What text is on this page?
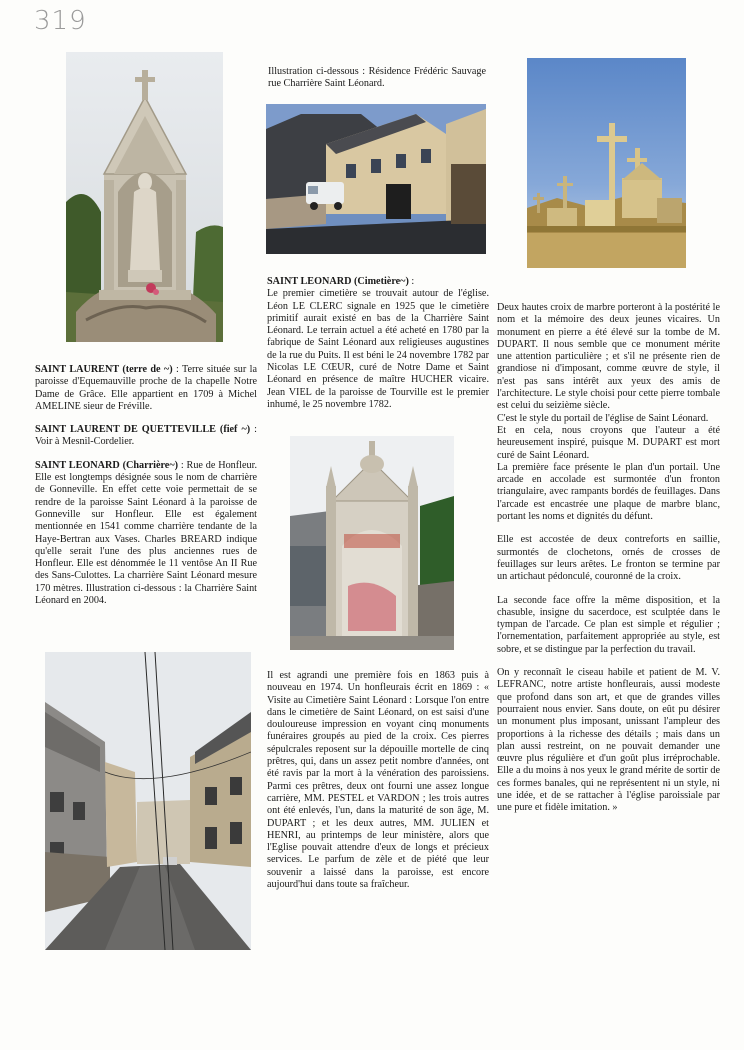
319

SAINT LAURENT (terre de ~) : Terre située sur la paroisse d'Equemauville proche de la chapelle Notre Dame de Grâce. Elle appartient en 1709 à Michel AMELINE sieur de Fréville.

SAINT LAURENT DE QUETTEVILLE (fief ~) : Voir à Mesnil-Cordelier.

SAINT LEONARD (Charrière~) : Rue de Honfleur. Elle est longtemps désignée sous le nom de charrière de Gonneville. En effet cette voie permettait de se rendre de la paroisse Saint Léonard à la paroisse de Gonneville sur Honfleur. Elle est également mentionnée en 1541 comme charrière tendante de la Haye-Bertran aux Vases. Charles BREARD indique qu'elle serait l'une des plus anciennes rues de Honfleur. Elle est dénommée le 11 ventôse An II Rue des Sans-Culottes. La charrière Saint Léonard mesure 170 mètres. Illustration ci-dessous : la Charrière Saint Léonard en 2004.

Illustration ci-dessous : Résidence Frédéric Sauvage rue Charrière Saint Léonard.

SAINT LEONARD (Cimetière~) :

Le premier cimetière se trouvait autour de l'église. Léon LE CLERC signale en 1925 que le cimetière primitif aurait existé en bas de la Charrière Saint Léonard. Le terrain actuel a été acheté en 1780 par la fabrique de Saint Léonard aux religieuses augustines de la rue du Puits. Il est béni le 24 novembre 1782 par Nicolas LE CŒUR, curé de Notre Dame et Saint Léonard en présence de maître HUCHER vicaire. Jean VIEL de la paroisse de Tourville est le premier inhumé, le 25 novembre 1782.

Il est agrandi une première fois en 1863 puis à nouveau en 1974. Un honfleurais écrit en 1869 : « Visite au Cimetière Saint Léonard : Lorsque l'on entre dans le cimetière de Saint Léonard, on est saisi d'une douloureuse impression en voyant cinq monuments funéraires groupés au pied de la croix. Ces pierres sépulcrales reposent sur la dépouille mortelle de cinq prêtres, qui, dans un assez petit nombre d'années, ont été ravis par la mort à la vénération des paroissiens. Parmi ces prêtres, deux ont fourni une assez longue carrière, MM. PESTEL et VARDON ; les trois autres ont été enlevés, l'un, dans la maturité de son âge, M. DUPART ; et les deux autres, MM. JULIEN et HENRI, au printemps de leur ministère, alors que l'Eglise pouvait attendre d'eux de longs et précieux services. Le parfum de zèle et de piété que leur souvenir a laissé dans la paroisse, est encore aujourd'hui dans toute sa fraîcheur.

Deux hautes croix de marbre porteront à la postérité le nom et la mémoire des deux jeunes vicaires. Un monument en pierre a été élevé sur la tombe de M. DUPART. Il nous semble que ce monument mérite une attention particulière ; et s'il ne présente rien de grandiose ni d'imposant, comme œuvre de style, il n'est pas sans intérêt aux yeux des amis de l'architecture. Le style choisi pour cette pierre tombale est celui du seizième siècle.

C'est le style du portail de l'église de Saint Léonard.

Et en cela, nous croyons que l'auteur a été heureusement inspiré, puisque M. DUPART est mort curé de Saint Léonard.

La première face présente le plan d'un portail. Une arcade en accolade est surmontée d'un fronton triangulaire, avec rampants bordés de feuillages. Dans l'arcade est encastrée une plaque de marbre blanc, portant les noms et dignités du défunt.

Elle est accostée de deux contreforts en saillie, surmontés de clochetons, ornés de crosses de feuillages sur leurs arêtes. Le fronton se termine par un artichaut pédonculé, couronné de la croix.

La seconde face offre la même disposition, et la chasuble, insigne du sacerdoce, est sculptée dans le tympan de l'arcade. Ce plan est simple et régulier ; l'ornementation, parfaitement appropriée au style, est sobre, et se distingue par la perfection du travail.

On y reconnaît le ciseau habile et patient de M. V. LEFRANC, notre artiste honfleurais, aussi modeste que profond dans son art, et que de grandes villes pourraient nous envier. Sans doute, on eût pu désirer un monument plus imposant, unissant l'ampleur des proportions à la richesse des détails ; mais dans un plan aussi restreint, on ne pouvait demander une œuvre plus régulière et d'un goût plus irréprochable. Elle a du moins à nos yeux le grand mérite de sortir de ces formes banales, qui ne représentent ni un style, ni une idée, et de se rattacher à l'église paroissiale par une pure et fidèle imitation. »
